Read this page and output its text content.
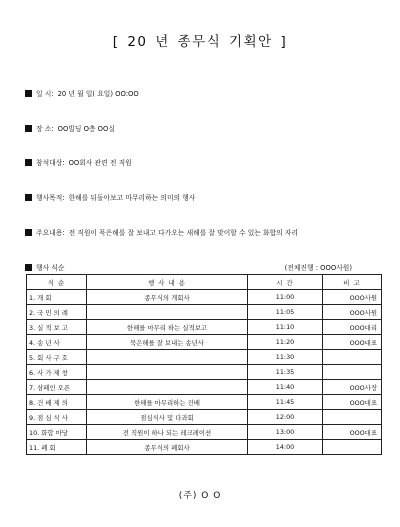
[ 20 년 종무식 기획안 ]
일 시: 20 년 월 일( 요일) OO:OO
장 소: OO빌딩 O층 OO실
참석대상: OO회사 관련 전 직원
행사목적: 한해를 뒤돌아보고 마무리하는 의미의 행사
주요내용: 전 직원이 묵은해를 잘 보내고 다가오는 새해를 잘 맞이할 수 있는 화합의 자리
행사 식순	(전체진행 : OOO사원)
식 순	행 사 내 용	시 간	비 고
1. 개 회	종무식의 개회사	11:00	OOO사원
2. 국 민 의 례		11:05	OOO사원
3. 실 적 보 고	한해를 마무리 하는 실적보고	11:10	OOO대리
4. 송 년 사	묵은해를 잘 보내는 송년사	11:20	OOO대표
5. 회 사 구 호		11:30	
6. 사 가 제 창		11:35	
7. 삼페인 오픈		11:40	OOO사장
8. 건 배 제 의	한해를 마무리하는 건배	11:45	OOO대표
9. 점 심 식 사	점심식사 및 다과회	12:00	
10. 화합 마당	전 직원이 하나 되는 레크레이션	13:00	OOO대표
11. 폐 회	종무식의 폐회사	14:00	
(주) O O
